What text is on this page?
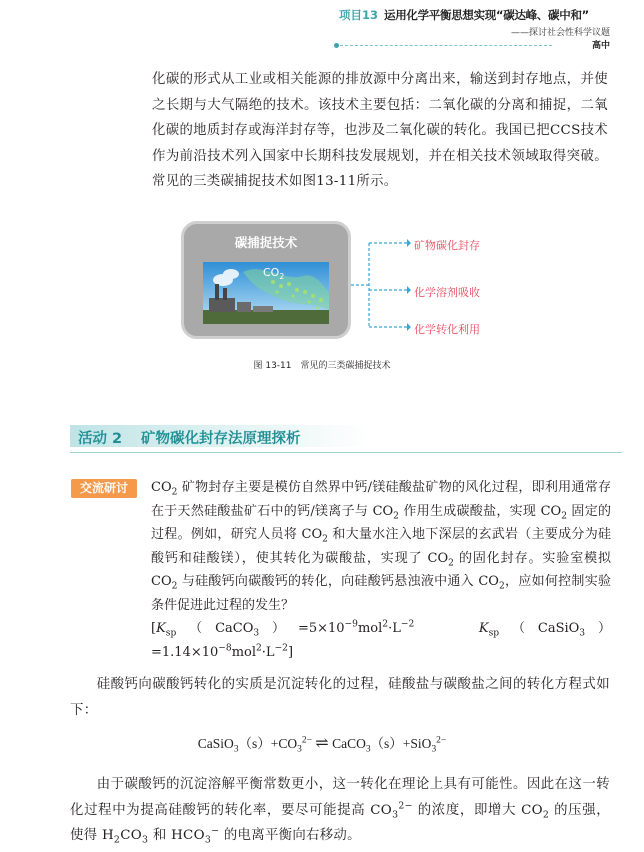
项目13 运用化学平衡思想实现“碳达峰、碳中和”
——探讨社会性科学议题
高中

化碳的形式从工业或相关能源的排放源中分离出来，输送到封存地点，并使之长期与大气隔绝的技术。该技术主要包括：二氧化碳的分离和捕捉，二氧化碳的地质封存或海洋封存等，也涉及二氧化碳的转化。我国已把CCS技术作为前沿技术列入国家中长期科技发展规划，并在相关技术领域取得突破。常见的三类碳捕捉技术如图13-11所示。

碳捕捉技术
$CO_2$
矿物碳化封存
化学溶剂吸收
化学转化利用
图 13-11　常见的三类碳捕捉技术
活动 2 矿物碳化封存法原理探析
交流研讨	$CO_2$ 矿物封存主要是模仿自然界中钙/镁硅酸盐矿物的风化过程，即利用通常存在于天然硅酸盐矿石中的钙/镁离子与 $CO_2$ 作用生成碳酸盐，实现 $CO_2$ 固定的过程。例如，研究人员将 $CO_2$ 和大量水注入地下深层的玄武岩（主要成分为硅酸钙和硅酸镁），使其转化为碳酸盐，实现了 $CO_2$ 的固化封存。实验室模拟 $CO_2$ 与硅酸钙向碳酸钙的转化，向硅酸钙悬浊液中通入 $CO_2$，应如何控制实验条件促进此过程的发生？
[$K_{sp}(CaCO_3)=5\times 10^{-9}mol^2\cdot L^{-2}$　　	$K_{sp}(CaSiO_3)=1.14\times 10^{-8}mol^2\cdot L^{-2}$]

硅酸钙向碳酸钙转化的实质是沉淀转化的过程，硅酸盐与碳酸盐之间的转化方程式如下：

$CaSiO_3(s)+CO_3^{2-}$ ⇌ CaCO$_3$（s）+SiO$_3^{2-}$

由于碳酸钙的沉淀溶解平衡常数更小，这一转化在理论上具有可能性。因此在这一转化过程中为提高硅酸钙的转化率，要尽可能提高 $CO_3^{2-}$ 的浓度，即增大 $CO_2$ 的压强，使得 $H_2CO_3$ 和 $HCO_3^-$ 的电离平衡向右移动。
